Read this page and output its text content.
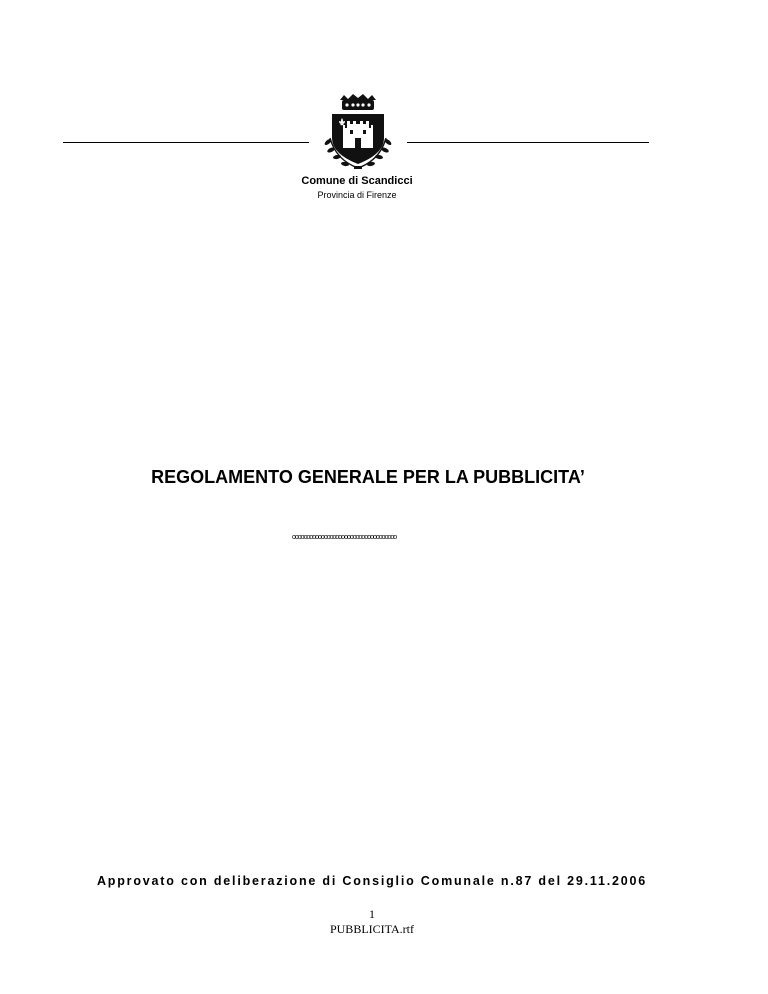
Comune di Scandicci
Provincia di Firenze
REGOLAMENTO GENERALE PER LA PUBBLICITA’
oooooooooooooooooooooooooooooooooooo
Approvato con deliberazione di Consiglio Comunale n.87 del 29.11.2006
1
PUBBLICITA.rtf
